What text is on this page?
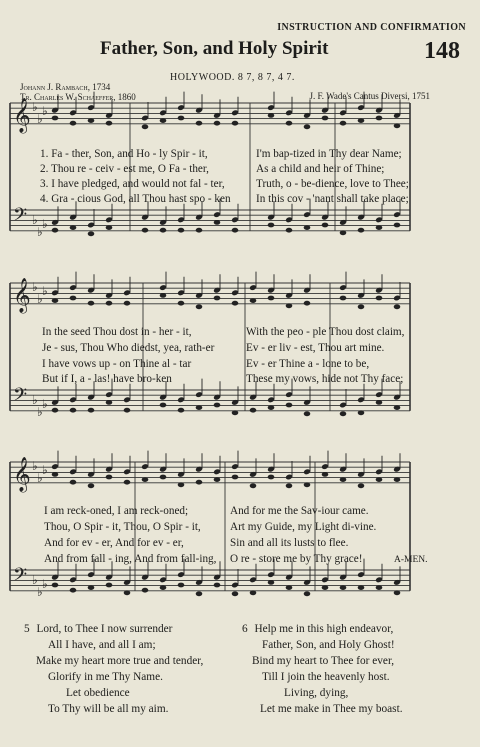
INSTRUCTION AND CONFIRMATION
Father, Son, and Holy Spirit	148
HOLYWOOD. 8 7, 8 7, 4 7.
Johann J. Rambach, 1734
Tr. Charles W. Schaeffer, 1860	J. F. Wade's Cantus Diversi, 1751
𝄞 ♭
♭
♭
𝄢 ♭
♭
♭
𝄞 ♭
♭
♭
𝄢 ♭
♭
♭
𝄞 ♭
♭
♭
𝄢 ♭
♭
♭
1. Fa - ther, Son, and Ho - ly Spir - it,	I'm bap-tized in Thy dear Name;
2. Thou re - ceiv - est me, O Fa - ther,	As a child and heir of Thine;
3. I have pledged, and would not fal - ter,	Truth, o - be-dience, love to Thee;
4. Gra - cious God, all Thou hast spo - ken In this cov - 'nant shall take place;
In the seed Thou dost in - her - it,	With the peo - ple Thou dost claim,
Je - sus, Thou Who diedst, yea, rath-er	Ev - er liv - est, Thou art mine.
I have vows up - on Thine al - tar	Ev - er Thine a - lone to be,
But if I, a - las! have bro-ken	These my vows, hide not Thy face;
I am reck-oned, I am reck-oned;	And for me the Sav-iour came.
Thou, O Spir - it, Thou, O Spir - it,	Art my Guide, my Light di-vine.
And for ev - er, And for ev - er,	Sin and all its lusts to flee.
And from fall - ing, And from fall-ing, O re - store me by Thy grace!	A-MEN.
5 Lord, to Thee I now surrender
All I have, and all I am;
Make my heart more true and tender,
Glorify in me Thy Name.
Let obedience
To Thy will be all my aim.
6 Help me in this high endeavor,
Father, Son, and Holy Ghost!
Bind my heart to Thee for ever,
Till I join the heavenly host.
Living, dying,
Let me make in Thee my boast.
